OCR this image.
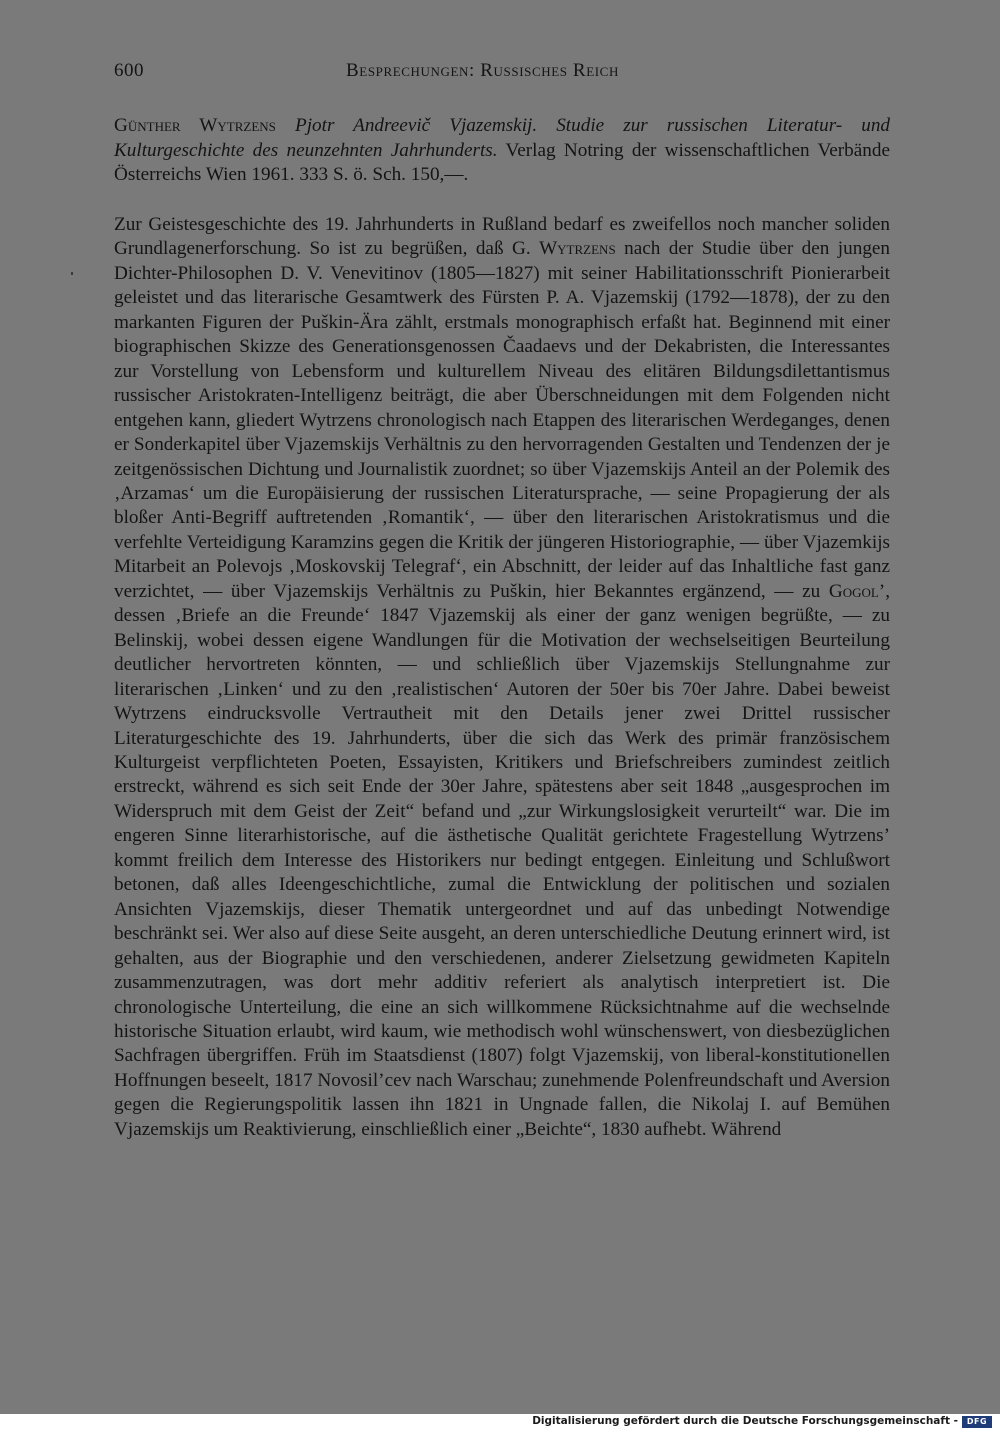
600	Besprechungen: Russisches Reich
Günther Wytrzens Pjotr Andreevič Vjazemskij. Studie zur russischen Literatur- und Kulturgeschichte des neunzehnten Jahrhunderts. Verlag Notring der wissenschaftlichen Verbände Österreichs Wien 1961. 333 S. ö. Sch. 150,—.
Zur Geistesgeschichte des 19. Jahrhunderts in Rußland bedarf es zweifellos noch mancher soliden Grundlagenerforschung. So ist zu begrüßen, daß G. Wytrzens nach der Studie über den jungen Dichter-Philosophen D. V. Venevitinov (1805—1827) mit seiner Habilitationsschrift Pionierarbeit geleistet und das literarische Gesamtwerk des Fürsten P. A. Vjazemskij (1792—1878), der zu den markanten Figuren der Puškin-Ära zählt, erstmals monographisch erfaßt hat. Beginnend mit einer biographischen Skizze des Generationsgenossen Čaadaevs und der Dekabristen, die Interessantes zur Vorstellung von Lebensform und kulturellem Niveau des elitären Bildungsdilettantismus russischer Aristokraten-Intelligenz beiträgt, die aber Überschneidungen mit dem Folgenden nicht entgehen kann, gliedert Wytrzens chronologisch nach Etappen des literarischen Werdeganges, denen er Sonderkapitel über Vjazemskijs Verhältnis zu den hervorragenden Gestalten und Tendenzen der je zeitgenössischen Dichtung und Journalistik zuordnet; so über Vjazemskijs Anteil an der Polemik des ‚Arzamas‘ um die Europäisierung der russischen Literatursprache, — seine Propagierung der als bloßer Anti-Begriff auftretenden ‚Romantik‘, — über den literarischen Aristokratismus und die verfehlte Verteidigung Karamzins gegen die Kritik der jüngeren Historiographie, — über Vjazemkijs Mitarbeit an Polevojs ‚Moskovskij Telegraf‘, ein Abschnitt, der leider auf das Inhaltliche fast ganz verzichtet, — über Vjazemskijs Verhältnis zu Puškin, hier Bekanntes ergänzend, — zu Gogol’, dessen ‚Briefe an die Freunde‘ 1847 Vjazemskij als einer der ganz wenigen begrüßte, — zu Belinskij, wobei dessen eigene Wandlungen für die Motivation der wechselseitigen Beurteilung deutlicher hervortreten könnten, — und schließlich über Vjazemskijs Stellungnahme zur literarischen ‚Linken‘ und zu den ‚realistischen‘ Autoren der 50er bis 70er Jahre. Dabei beweist Wytrzens eindrucksvolle Vertrautheit mit den Details jener zwei Drittel russischer Literaturgeschichte des 19. Jahrhunderts, über die sich das Werk des primär französischem Kulturgeist verpflichteten Poeten, Essayisten, Kritikers und Briefschreibers zumindest zeitlich erstreckt, während es sich seit Ende der 30er Jahre, spätestens aber seit 1848 „ausgesprochen im Widerspruch mit dem Geist der Zeit“ befand und „zur Wirkungslosigkeit verurteilt“ war. Die im engeren Sinne literarhistorische, auf die ästhetische Qualität gerichtete Fragestellung Wytrzens’ kommt freilich dem Interesse des Historikers nur bedingt entgegen. Einleitung und Schlußwort betonen, daß alles Ideengeschichtliche, zumal die Entwicklung der politischen und sozialen Ansichten Vjazemskijs, dieser Thematik untergeordnet und auf das unbedingt Notwendige beschränkt sei. Wer also auf diese Seite ausgeht, an deren unterschiedliche Deutung erinnert wird, ist gehalten, aus der Biographie und den verschiedenen, anderer Zielsetzung gewidmeten Kapiteln zusammenzutragen, was dort mehr additiv referiert als analytisch interpretiert ist. Die chronologische Unterteilung, die eine an sich willkommene Rücksichtnahme auf die wechselnde historische Situation erlaubt, wird kaum, wie methodisch wohl wünschenswert, von diesbezüglichen Sachfragen übergriffen. Früh im Staatsdienst (1807) folgt Vjazemskij, von liberal-konstitutionellen Hoffnungen beseelt, 1817 Novosil’cev nach Warschau; zunehmende Polenfreundschaft und Aversion gegen die Regierungspolitik lassen ihn 1821 in Ungnade fallen, die Nikolaj I. auf Bemühen Vjazemskijs um Reaktivierung, einschließlich einer „Beichte“, 1830 aufhebt. Während
Digitalisierung gefördert durch die Deutsche Forschungsgemeinschaft -	DFG
